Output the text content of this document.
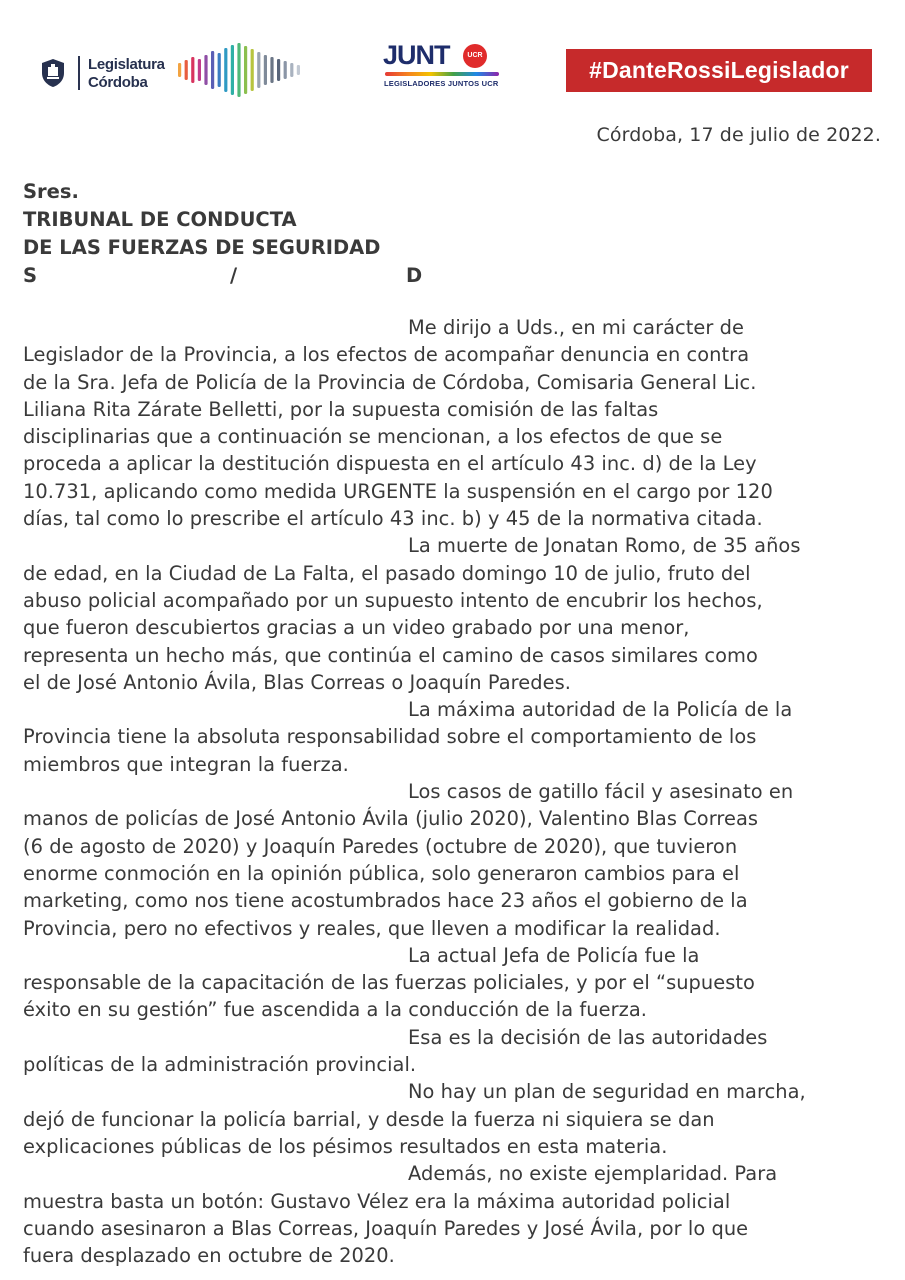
Legislatura
Córdoba
JUNT	UCR
LEGISLADORES JUNTOS UCR
#DanteRossiLegislador
Córdoba, 17 de julio de 2022.
Sres.
TRIBUNAL DE CONDUCTA
DE LAS FUERZAS DE SEGURIDAD
S	/	D
Me dirijo a Uds., en mi carácter de
Legislador de la Provincia, a los efectos de acompañar denuncia en contra
de la Sra. Jefa de Policía de la Provincia de Córdoba, Comisaria General Lic.
Liliana Rita Zárate Belletti, por la supuesta comisión de las faltas
disciplinarias que a continuación se mencionan, a los efectos de que se
proceda a aplicar la destitución dispuesta en el artículo 43 inc. d) de la Ley
10.731, aplicando como medida URGENTE la suspensión en el cargo por 120
días, tal como lo prescribe el artículo 43 inc. b) y 45 de la normativa citada.
La muerte de Jonatan Romo, de 35 años
de edad, en la Ciudad de La Falta, el pasado domingo 10 de julio, fruto del
abuso policial acompañado por un supuesto intento de encubrir los hechos,
que fueron descubiertos gracias a un video grabado por una menor,
representa un hecho más, que continúa el camino de casos similares como
el de José Antonio Ávila, Blas Correas o Joaquín Paredes.
La máxima autoridad de la Policía de la
Provincia tiene la absoluta responsabilidad sobre el comportamiento de los
miembros que integran la fuerza.
Los casos de gatillo fácil y asesinato en
manos de policías de José Antonio Ávila (julio 2020), Valentino Blas Correas
(6 de agosto de 2020) y Joaquín Paredes (octubre de 2020), que tuvieron
enorme conmoción en la opinión pública, solo generaron cambios para el
marketing, como nos tiene acostumbrados hace 23 años el gobierno de la
Provincia, pero no efectivos y reales, que lleven a modificar la realidad.
La actual Jefa de Policía fue la
responsable de la capacitación de las fuerzas policiales, y por el “supuesto
éxito en su gestión” fue ascendida a la conducción de la fuerza.
Esa es la decisión de las autoridades
políticas de la administración provincial.
No hay un plan de seguridad en marcha,
dejó de funcionar la policía barrial, y desde la fuerza ni siquiera se dan
explicaciones públicas de los pésimos resultados en esta materia.
Además, no existe ejemplaridad. Para
muestra basta un botón: Gustavo Vélez era la máxima autoridad policial
cuando asesinaron a Blas Correas, Joaquín Paredes y José Ávila, por lo que
fuera desplazado en octubre de 2020.
